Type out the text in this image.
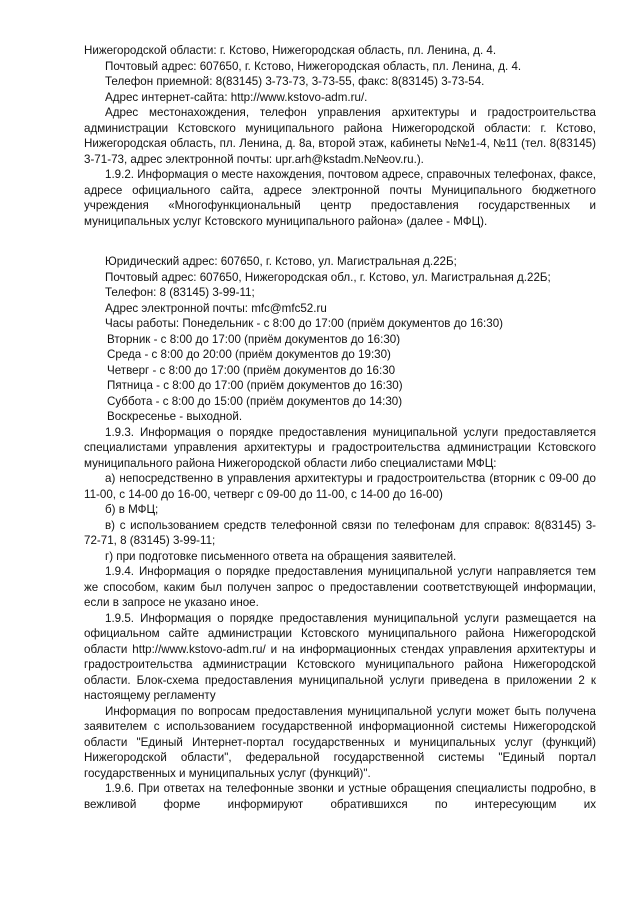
Нижегородской области: г. Кстово, Нижегородская область, пл. Ленина, д. 4.

Почтовый адрес: 607650, г. Кстово, Нижегородская область, пл. Ленина, д. 4.

Телефон приемной: 8(83145) 3-73-73, 3-73-55, факс: 8(83145) 3-73-54.

Адрес интернет-сайта: http://www.kstovo-adm.ru/.

Адрес местонахождения, телефон управления архитектуры и градостроительства администрации Кстовского муниципального района Нижегородской области: г. Кстово, Нижегородская область, пл. Ленина, д. 8а, второй этаж, кабинеты №№1-4, №11 (тел. 8(83145) 3-71-73, адрес электронной почты: upr.arh@kstadm.№№ov.ru.).

1.9.2. Информация о месте нахождения, почтовом адресе, справочных телефонах, факсе, адресе официального сайта, адресе электронной почты Муниципального бюджетного учреждения «Многофункциональный центр предоставления государственных и муниципальных услуг Кстовского муниципального района» (далее - МФЦ).

Юридический адрес: 607650, г. Кстово, ул. Магистральная д.22Б;

Почтовый адрес: 607650, Нижегородская обл., г. Кстово, ул. Магистральная д.22Б;

Телефон: 8 (83145) 3-99-11;

Адрес электронной почты: mfc@mfc52.ru

Часы работы: Понедельник - с 8:00 до 17:00 (приём документов до 16:30)

Вторник - с 8:00 до 17:00 (приём документов до 16:30)

Среда - с 8:00 до 20:00 (приём документов до 19:30)

Четверг - с 8:00 до 17:00 (приём документов до 16:30

Пятница - с 8:00 до 17:00 (приём документов до 16:30)

Суббота - с 8:00 до 15:00 (приём документов до 14:30)

Воскресенье - выходной.

1.9.3. Информация о порядке предоставления муниципальной услуги предоставляется специалистами управления архитектуры и градостроительства администрации Кстовского муниципального района Нижегородской области либо специалистами МФЦ:

а) непосредственно в управления архитектуры и градостроительства (вторник с 09-00 до 11-00, с 14-00 до 16-00, четверг с 09-00 до 11-00, с 14-00 до 16-00)

б) в МФЦ;

в) с использованием средств телефонной связи по телефонам для справок: 8(83145) 3-72-71, 8 (83145) 3-99-11;

г) при подготовке письменного ответа на обращения заявителей.

1.9.4. Информация о порядке предоставления муниципальной услуги направляется тем же способом, каким был получен запрос о предоставлении соответствующей информации, если в запросе не указано иное.

1.9.5. Информация о порядке предоставления муниципальной услуги размещается на официальном сайте администрации Кстовского муниципального района Нижегородской области http://www.kstovo-adm.ru/ и на информационных стендах управления архитектуры и градостроительства администрации Кстовского муниципального района Нижегородской области. Блок-схема предоставления муниципальной услуги приведена в приложении 2 к настоящему регламенту

Информация по вопросам предоставления муниципальной услуги может быть получена заявителем с использованием государственной информационной системы Нижегородской области "Единый Интернет-портал государственных и муниципальных услуг (функций) Нижегородской области", федеральной государственной системы "Единый портал государственных и муниципальных услуг (функций)".

1.9.6. При ответах на телефонные звонки и устные обращения специалисты подробно, в вежливой форме информируют обратившихся по интересующим их
